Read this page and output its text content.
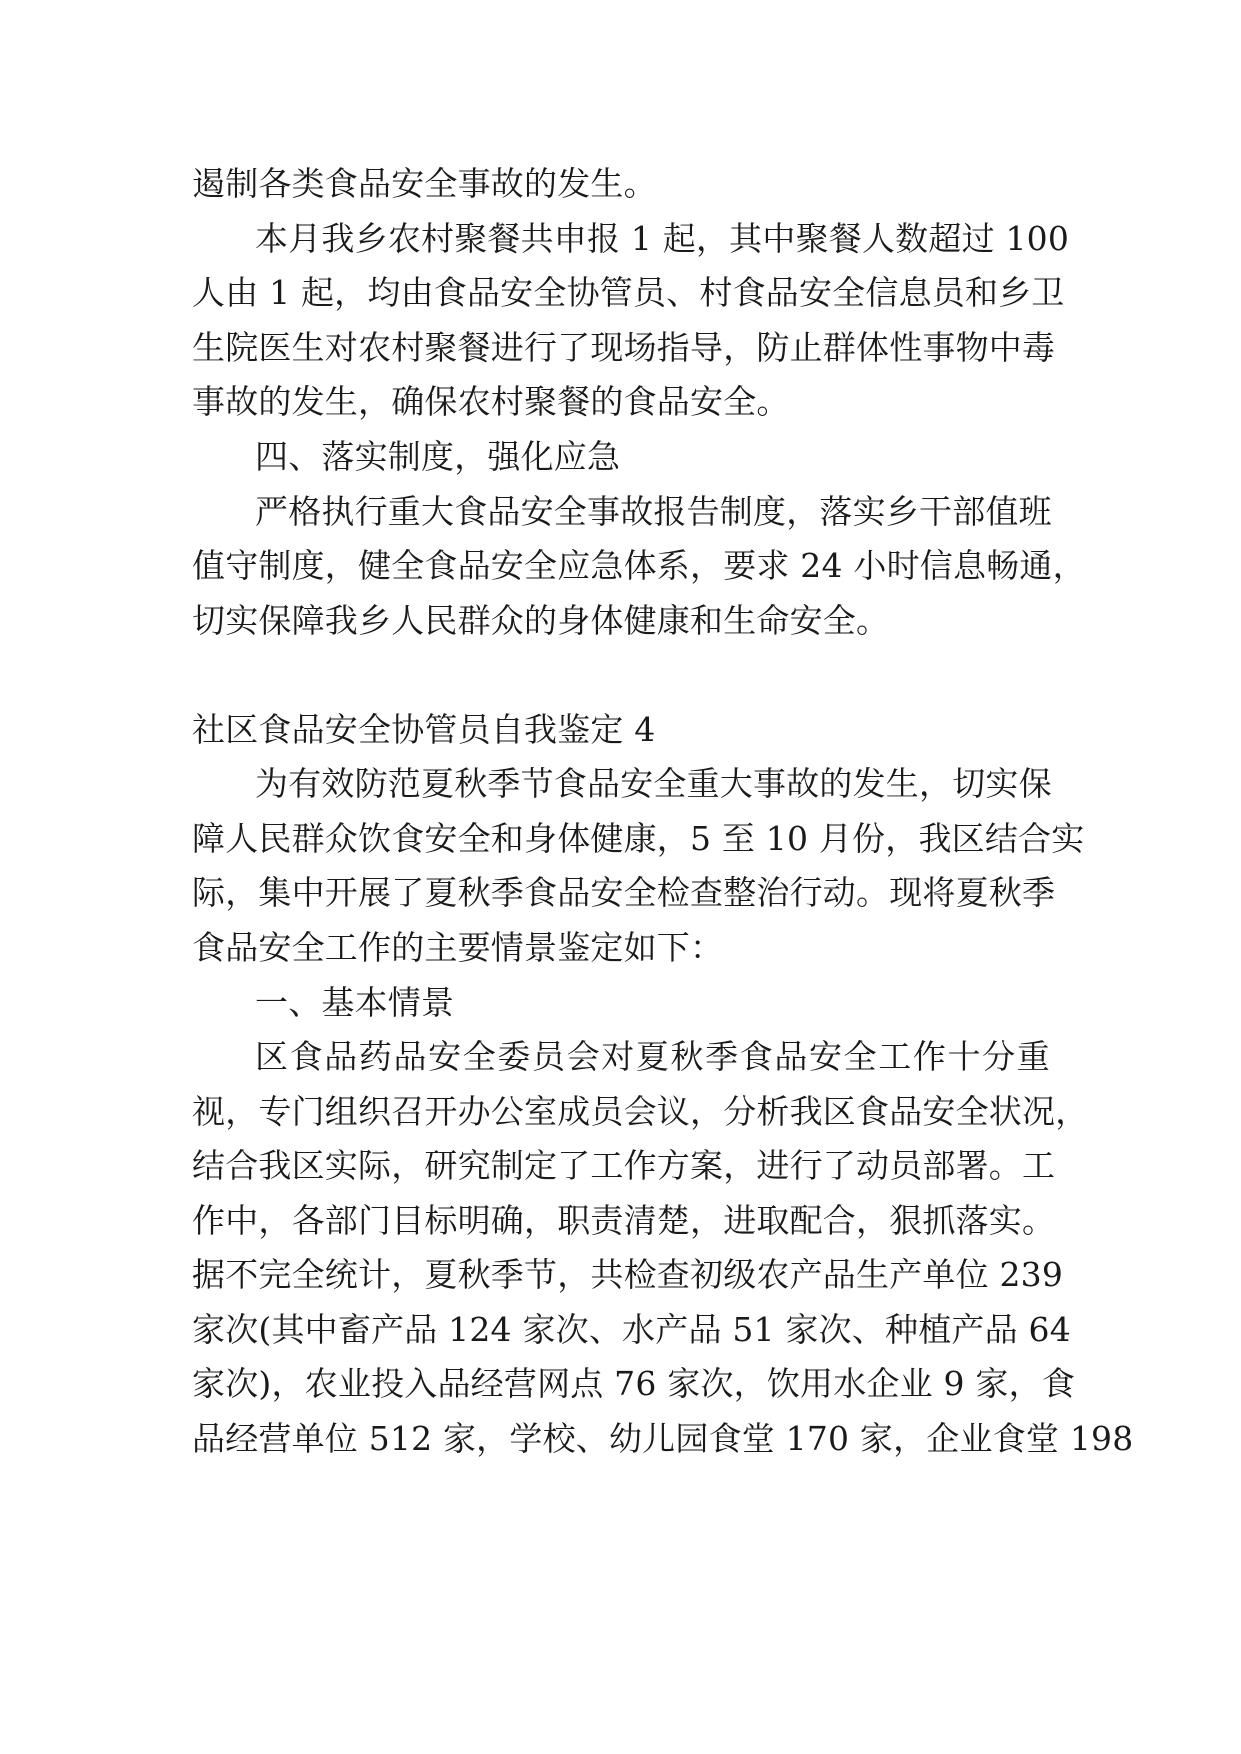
遏制各类食品安全事故的发生。
本月我乡农村聚餐共申报 1 起，其中聚餐人数超过 100
人由 1 起，均由食品安全协管员、村食品安全信息员和乡卫
生院医生对农村聚餐进行了现场指导，防止群体性事物中毒
事故的发生，确保农村聚餐的食品安全。
四、落实制度，强化应急
严格执行重大食品安全事故报告制度，落实乡干部值班
值守制度，健全食品安全应急体系，要求 24 小时信息畅通，
切实保障我乡人民群众的身体健康和生命安全。
社区食品安全协管员自我鉴定 4
为有效防范夏秋季节食品安全重大事故的发生，切实保
障人民群众饮食安全和身体健康，5 至 10 月份，我区结合实
际，集中开展了夏秋季食品安全检查整治行动。现将夏秋季
食品安全工作的主要情景鉴定如下：
一、基本情景
区食品药品安全委员会对夏秋季食品安全工作十分重
视，专门组织召开办公室成员会议，分析我区食品安全状况，
结合我区实际，研究制定了工作方案，进行了动员部署。工
作中，各部门目标明确，职责清楚，进取配合，狠抓落实。
据不完全统计，夏秋季节，共检查初级农产品生产单位 239
家次(其中畜产品 124 家次、水产品 51 家次、种植产品 64
家次)，农业投入品经营网点 76 家次，饮用水企业 9 家，食
品经营单位 512 家，学校、幼儿园食堂 170 家，企业食堂 198
